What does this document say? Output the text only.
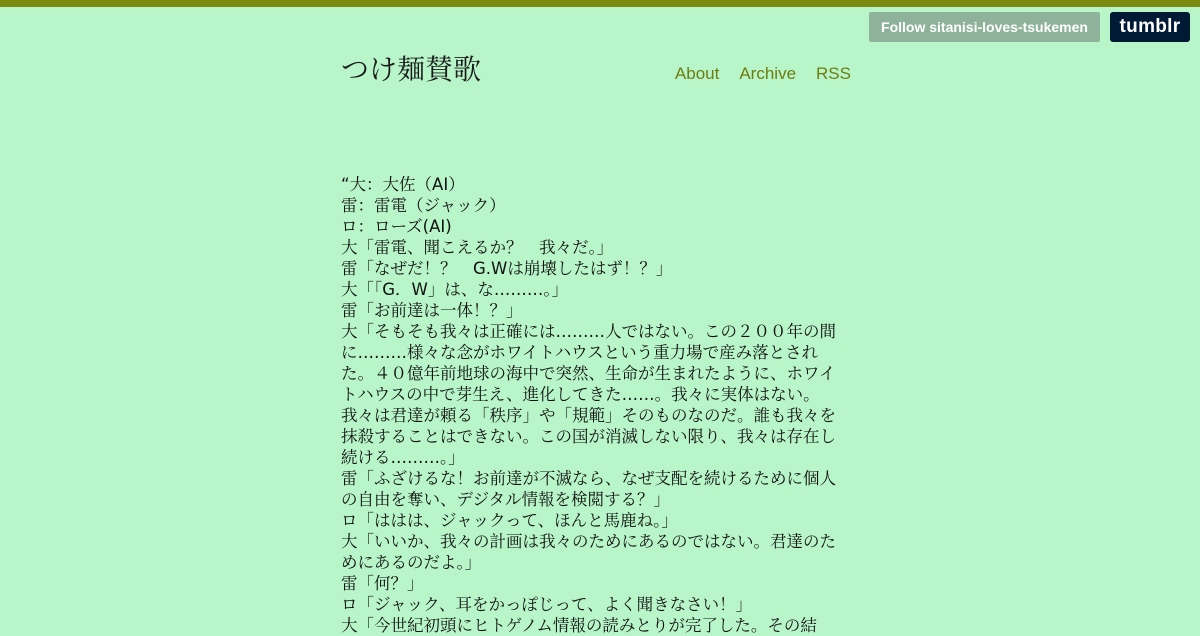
Follow sitanisi-loves-tsukemen	tumblr
つけ麺賛歌	About Archive RSS
“大：大佐（AI）
雷：雷電（ジャック）
ロ：ローズ(AI)
大「雷電、聞こえるか？　我々だ。」
雷「なぜだ！？　G.Wは崩壊したはず！？」
大「「G．W」は、な………。」
雷「お前達は一体！？」
大「そもそも我々は正確には………人ではない。この２００年の間
に………様々な念がホワイトハウスという重力場で産み落とされ
た。４０億年前地球の海中で突然、生命が生まれたように、ホワイ
トハウスの中で芽生え、進化してきた……。我々に実体はない。
我々は君達が頼る「秩序」や「規範」そのものなのだ。誰も我々を
抹殺することはできない。この国が消滅しない限り、我々は存在し
続ける………。」
雷「ふざけるな！お前達が不滅なら、なぜ支配を続けるために個人
の自由を奪い、デジタル情報を検閲する？」
ロ「ははは、ジャックって、ほんと馬鹿ね。」
大「いいか、我々の計画は我々のためにあるのではない。君達のた
めにあるのだよ。」
雷「何？」
ロ「ジャック、耳をかっぽじって、よく聞きなさい！」
大「今世紀初頭にヒトゲノム情報の読みとりが完了した。その結
